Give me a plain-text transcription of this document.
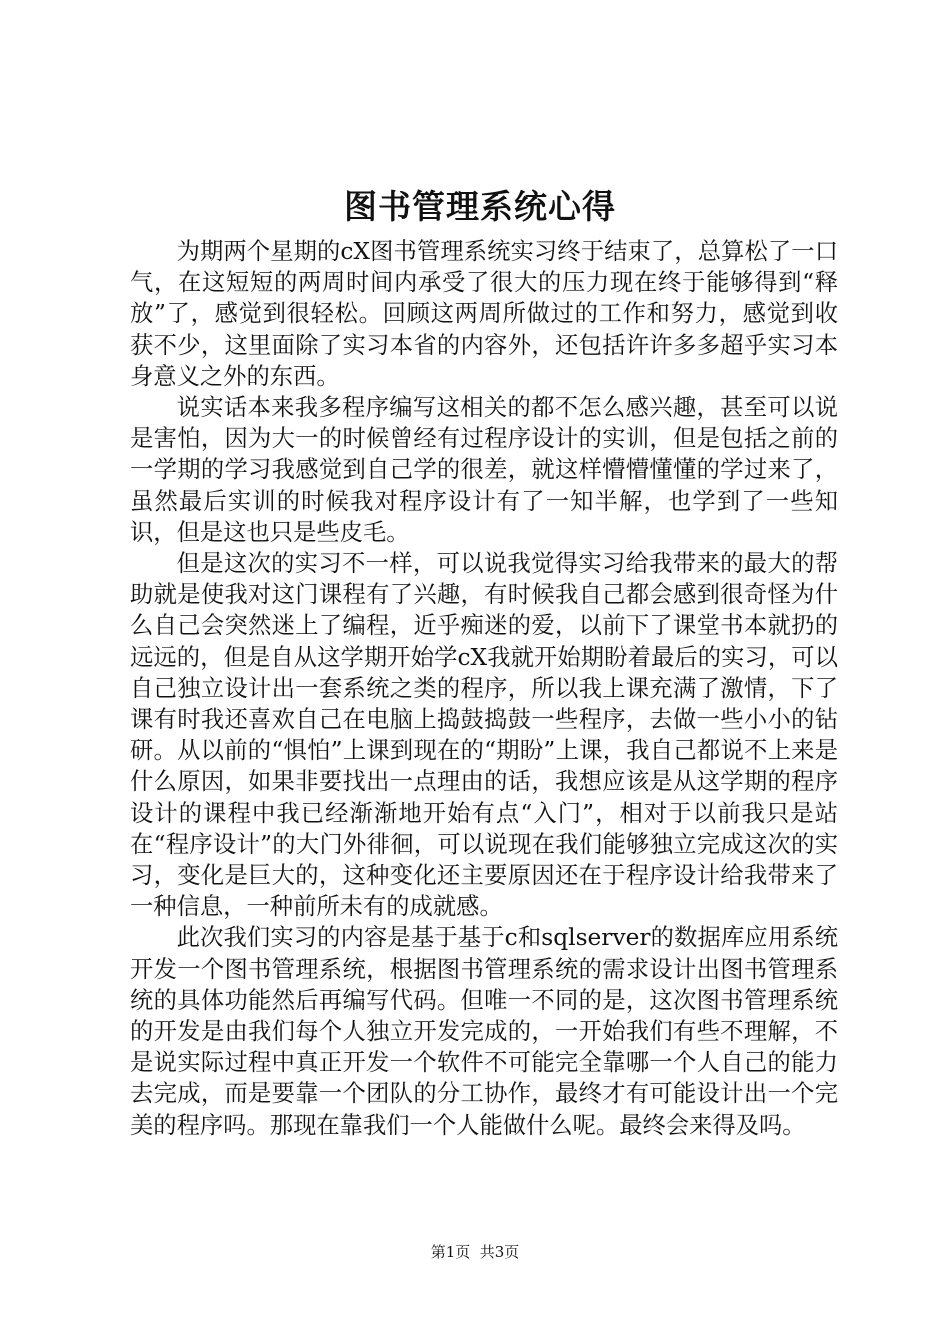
图书管理系统心得

为期两个星期的cX图书管理系统实习终于结束了，总算松了一口气，在这短短的两周时间内承受了很大的压力现在终于能够得到“释放”了，感觉到很轻松。回顾这两周所做过的工作和努力，感觉到收获不少，这里面除了实习本省的内容外，还包括许许多多超乎实习本身意义之外的东西。

说实话本来我多程序编写这相关的都不怎么感兴趣，甚至可以说是害怕，因为大一的时候曾经有过程序设计的实训，但是包括之前的一学期的学习我感觉到自己学的很差，就这样懵懵懂懂的学过来了，虽然最后实训的时候我对程序设计有了一知半解，也学到了一些知识，但是这也只是些皮毛。

但是这次的实习不一样，可以说我觉得实习给我带来的最大的帮助就是使我对这门课程有了兴趣，有时候我自己都会感到很奇怪为什么自己会突然迷上了编程，近乎痴迷的爱，以前下了课堂书本就扔的远远的，但是自从这学期开始学cX我就开始期盼着最后的实习，可以自己独立设计出一套系统之类的程序，所以我上课充满了激情，下了课有时我还喜欢自己在电脑上捣鼓捣鼓一些程序，去做一些小小的钻研。从以前的“惧怕”上课到现在的“期盼”上课，我自己都说不上来是什么原因，如果非要找出一点理由的话，我想应该是从这学期的程序设计的课程中我已经渐渐地开始有点“入门”，相对于以前我只是站在“程序设计”的大门外徘徊，可以说现在我们能够独立完成这次的实习，变化是巨大的，这种变化还主要原因还在于程序设计给我带来了一种信息，一种前所未有的成就感。

此次我们实习的内容是基于基于c和sqlserver的数据库应用系统开发一个图书管理系统，根据图书管理系统的需求设计出图书管理系统的具体功能然后再编写代码。但唯一不同的是，这次图书管理系统的开发是由我们每个人独立开发完成的，一开始我们有些不理解，不是说实际过程中真正开发一个软件不可能完全靠哪一个人自己的能力去完成，而是要靠一个团队的分工协作，最终才有可能设计出一个完美的程序吗。那现在靠我们一个人能做什么呢。最终会来得及吗。

第1页  共3页
